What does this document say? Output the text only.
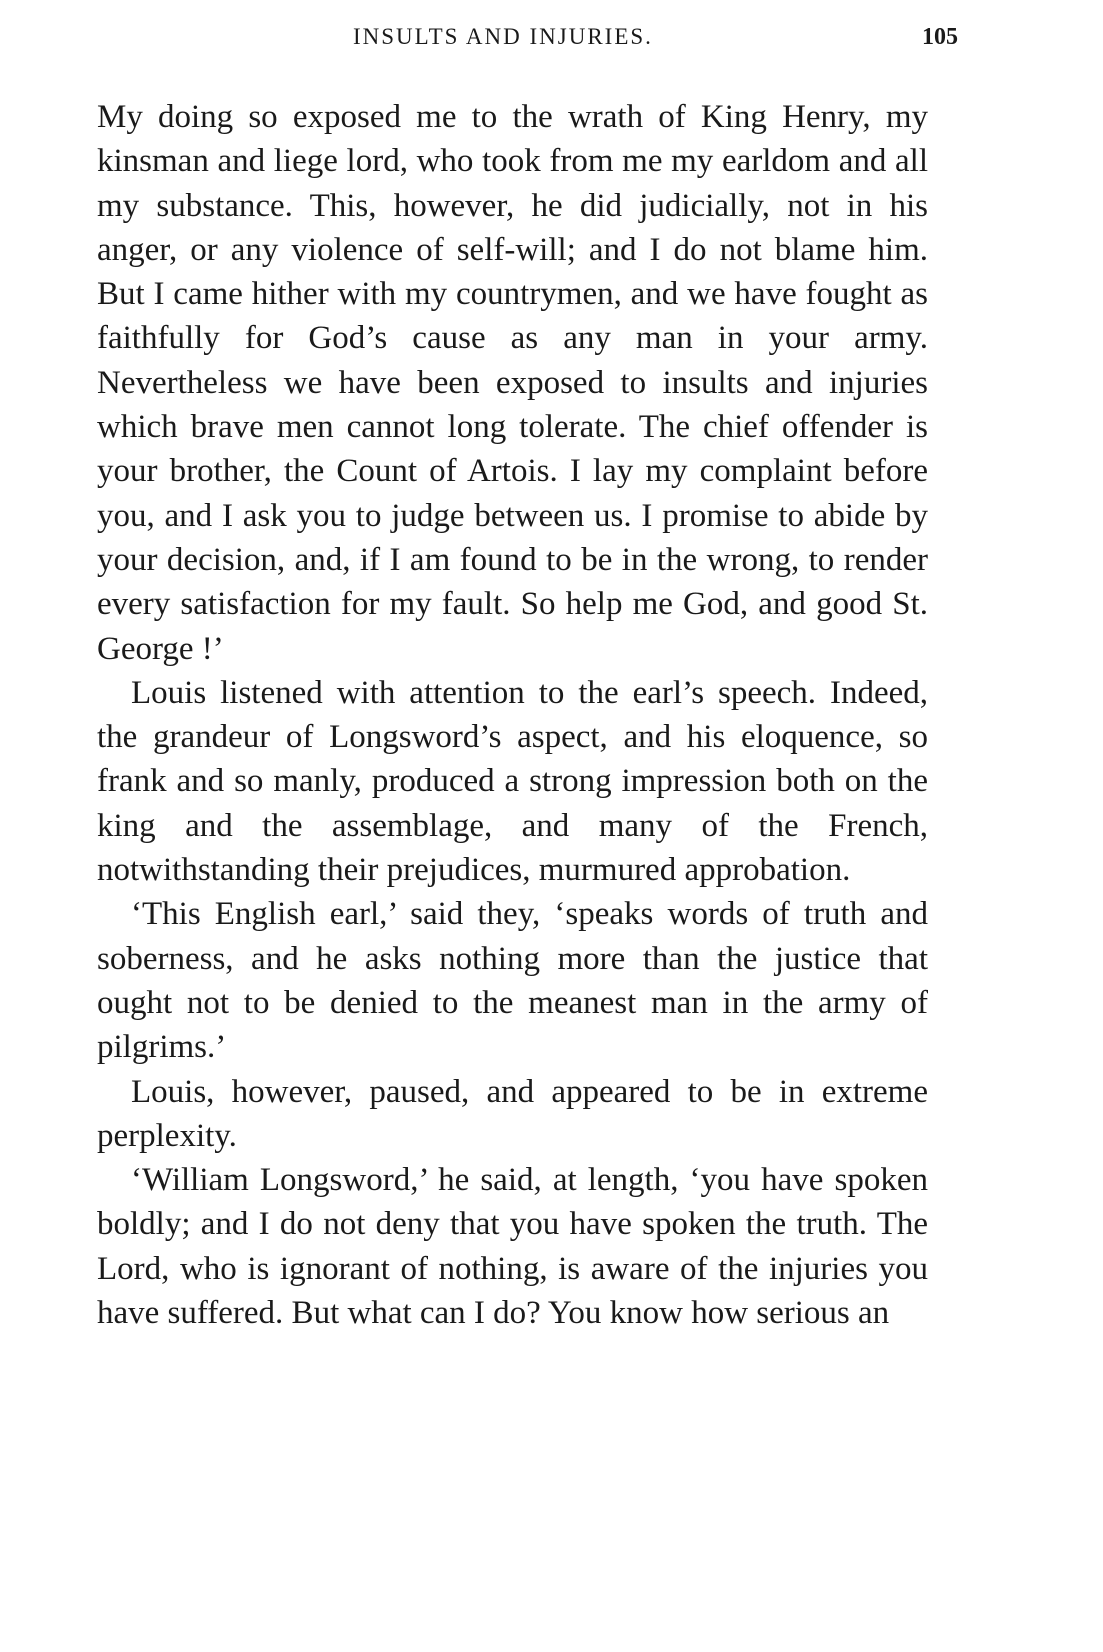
INSULTS AND INJURIES.	105

My doing so exposed me to the wrath of King Henry, my kinsman and liege lord, who took from me my earldom and all my substance. This, however, he did judicially, not in his anger, or any violence of self-will; and I do not blame him. But I came hither with my countrymen, and we have fought as faithfully for God’s cause as any man in your army. Nevertheless we have been exposed to insults and injuries which brave men cannot long tolerate. The chief offender is your brother, the Count of Artois. I lay my complaint before you, and I ask you to judge between us. I promise to abide by your decision, and, if I am found to be in the wrong, to render every satisfaction for my fault. So help me God, and good St. George !’

Louis listened with attention to the earl’s speech. Indeed, the grandeur of Longsword’s aspect, and his eloquence, so frank and so manly, produced a strong impression both on the king and the assemblage, and many of the French, notwithstanding their prejudices, murmured approbation.

‘This English earl,’ said they, ‘speaks words of truth and soberness, and he asks nothing more than the justice that ought not to be denied to the meanest man in the army of pilgrims.’

Louis, however, paused, and appeared to be in extreme perplexity.

‘William Longsword,’ he said, at length, ‘you have spoken boldly; and I do not deny that you have spoken the truth. The Lord, who is ignorant of nothing, is aware of the injuries you have suffered. But what can I do? You know how serious an
